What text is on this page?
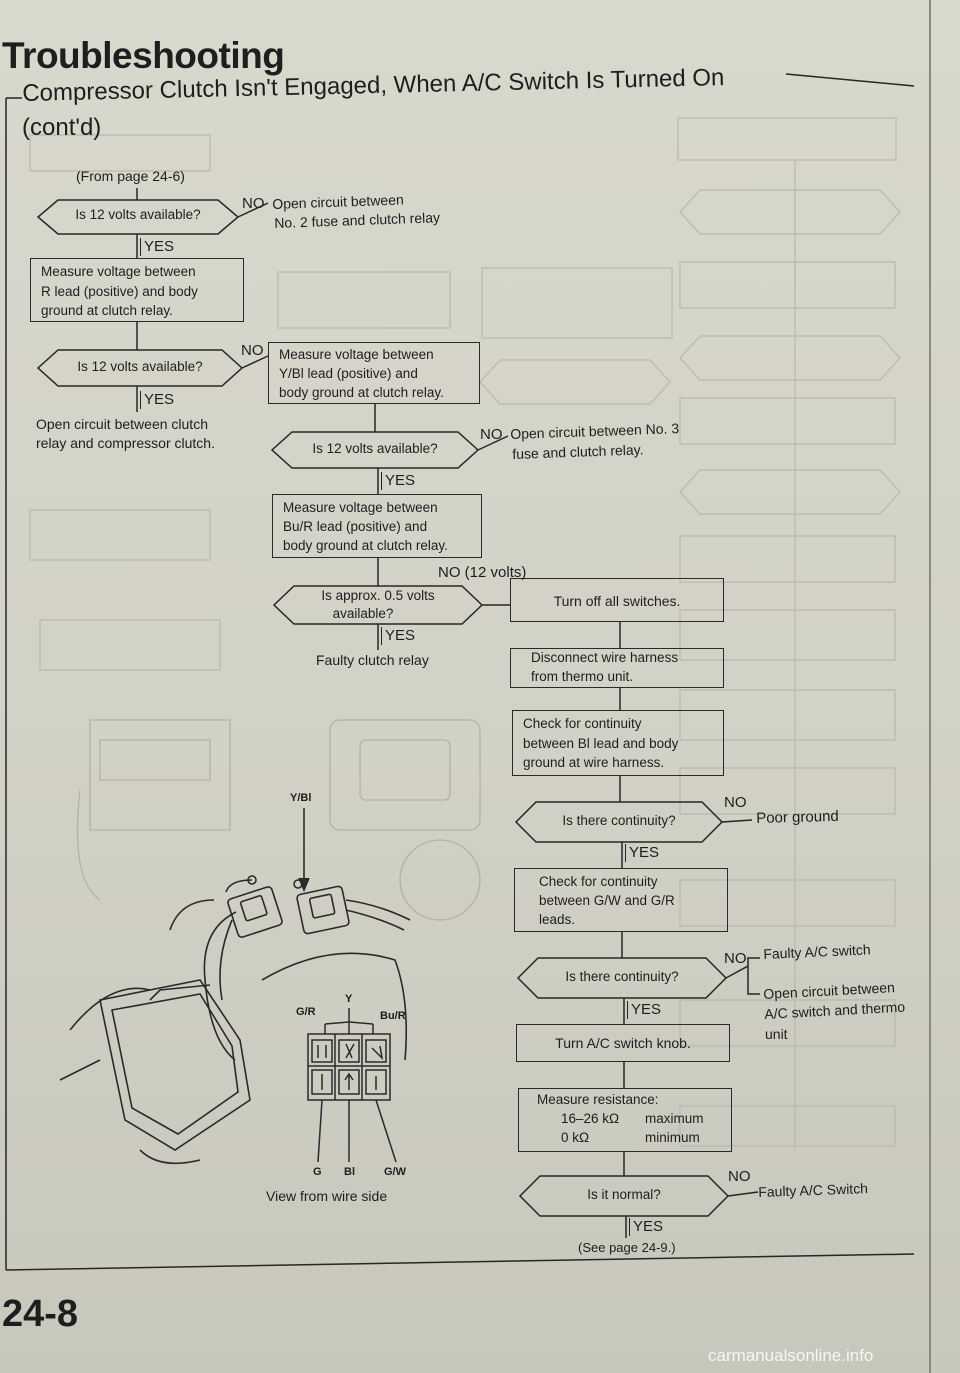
Troubleshooting
Compressor Clutch Isn't Engaged, When A/C Switch Is Turned On
(cont'd)
(From page 24-6)
Is 12 volts available?
NO Open circuit between
No. 2 fuse and clutch relay
YES
Measure voltage between
R lead (positive) and body
ground at clutch relay.
Is 12 volts available?
NO
YES
Open circuit between clutch
relay and compressor clutch.
Measure voltage between
Y/Bl lead (positive) and
body ground at clutch relay.
Is 12 volts available?
NO Open circuit between No. 3
fuse and clutch relay.
YES
Measure voltage between
Bu/R lead (positive) and
body ground at clutch relay.
NO (12 volts)
Is approx. 0.5 volts
available?
YES
Faulty clutch relay
Turn off all switches.
Disconnect wire harness
from thermo unit.
Check for continuity
between Bl lead and body
ground at wire harness.
Is there continuity?
NO
Poor ground
YES
Check for continuity
between G/W and G/R
leads.
Is there continuity?
NO Faulty A/C switch
Open circuit between
A/C switch and thermo
unit
YES
Turn A/C switch knob.
Measure resistance:
16–26 kΩ maximum
0 kΩ	minimum
Is it normal?
NO
Faulty A/C Switch
YES
(See page 24-9.)
Y/Bl
G/R
Y
Bu/R
G Bl	G/W
View from wire side
24-8
carmanualsonline.info
